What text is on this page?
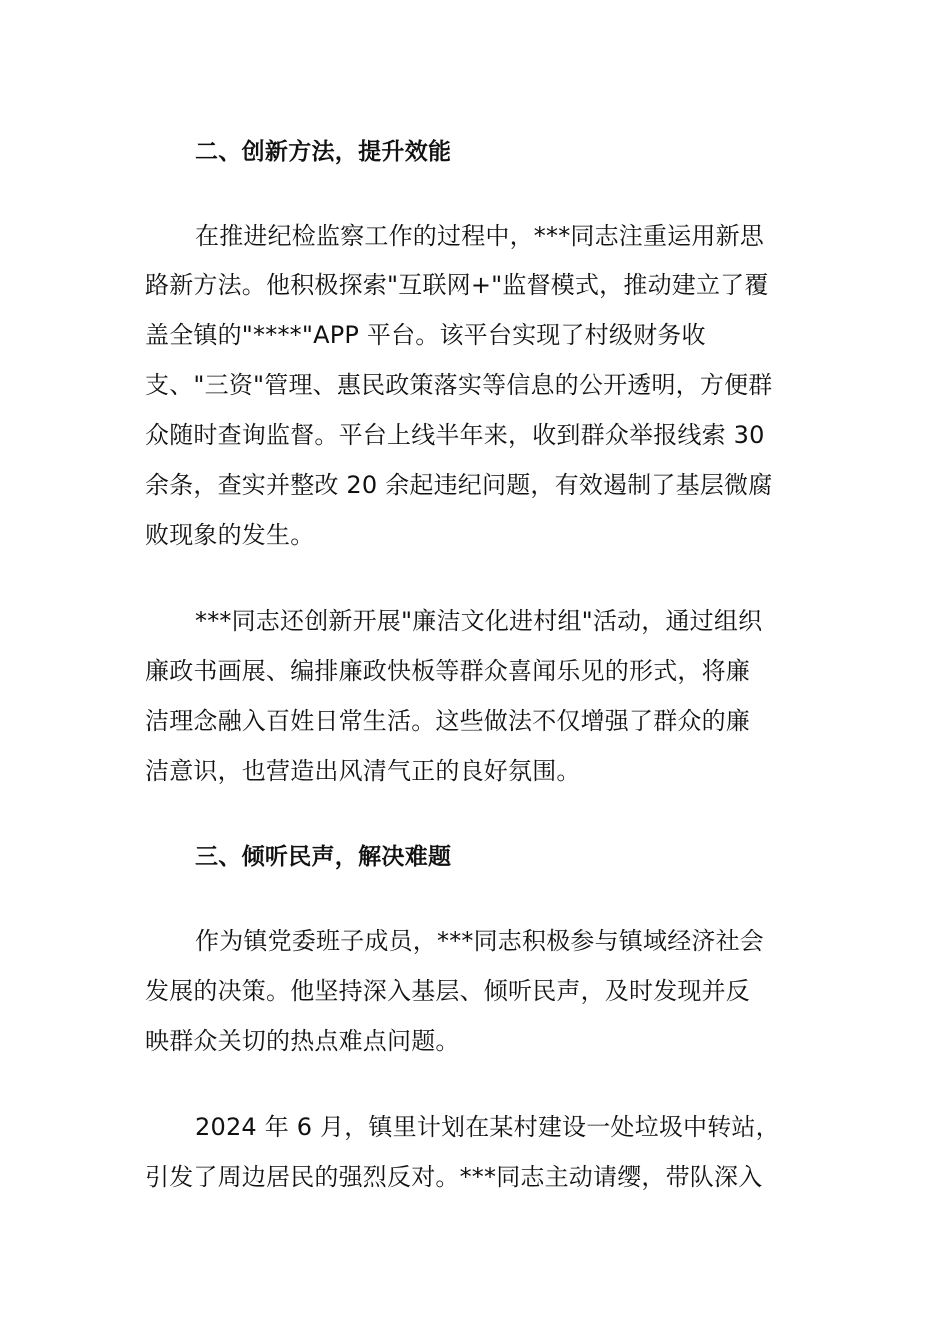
二、创新方法，提升效能
在推进纪检监察工作的过程中，***同志注重运用新思
路新方法。他积极探索"互联网+"监督模式，推动建立了覆
盖全镇的"****"APP 平台。该平台实现了村级财务收
支、"三资"管理、惠民政策落实等信息的公开透明，方便群
众随时查询监督。平台上线半年来，收到群众举报线索 30
余条，查实并整改 20 余起违纪问题，有效遏制了基层微腐
败现象的发生。
***同志还创新开展"廉洁文化进村组"活动，通过组织
廉政书画展、编排廉政快板等群众喜闻乐见的形式，将廉
洁理念融入百姓日常生活。这些做法不仅增强了群众的廉
洁意识，也营造出风清气正的良好氛围。
三、倾听民声，解决难题
作为镇党委班子成员，***同志积极参与镇域经济社会
发展的决策。他坚持深入基层、倾听民声，及时发现并反
映群众关切的热点难点问题。
2024 年 6 月，镇里计划在某村建设一处垃圾中转站，
引发了周边居民的强烈反对。***同志主动请缨，带队深入
